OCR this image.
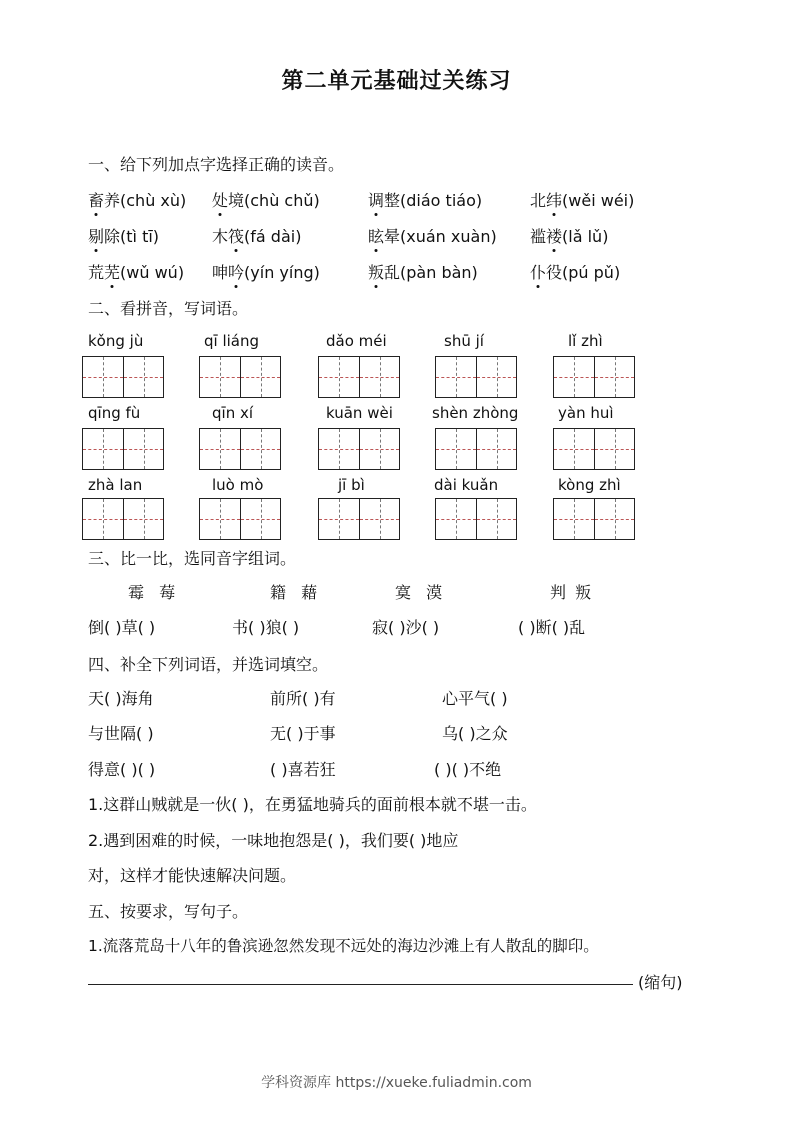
第二单元基础过关练习
一、给下列加点字选择正确的读音。
畜养(chù xù) 处境(chù chǔ)	调整(diáo tiáo)	北纬(wěi wéi)
剔除(tì tī)	木筏(fá dài)	眩晕(xuán xuàn) 褴褛(lǎ lǔ)
荒芜(wǔ wú) 呻吟(yín yíng)	叛乱(pàn bàn)	仆役(pú pǔ)
二、看拼音，写词语。
kǒng jù	qī liáng	dǎo méi	shū jí	lǐ zhì
qīng fù	qīn xí	kuān wèi	shèn zhòng	yàn huì
zhà lan	luò mò	jī bì	dài kuǎn	kòng zhì
三、比一比，选同音字组词。
霉 莓	籍 藉	寞 漠	判 叛
倒( )草( )	书( )狼( )	寂( )沙( )	( )断( )乱
四、补全下列词语，并选词填空。
天( )海角	前所( )有	心平气( )
与世隔( )	无( )于事	乌( )之众
得意( )( )	( )喜若狂	( )( )不绝
1.这群山贼就是一伙( )，在勇猛地骑兵的面前根本就不堪一击。
2.遇到困难的时候，一味地抱怨是( )，我们要( )地应
对，这样才能快速解决问题。
五、按要求，写句子。
1.流落荒岛十八年的鲁滨逊忽然发现不远处的海边沙滩上有人散乱的脚印。
(缩句)
学科资源库 https://xueke.fuliadmin.com
